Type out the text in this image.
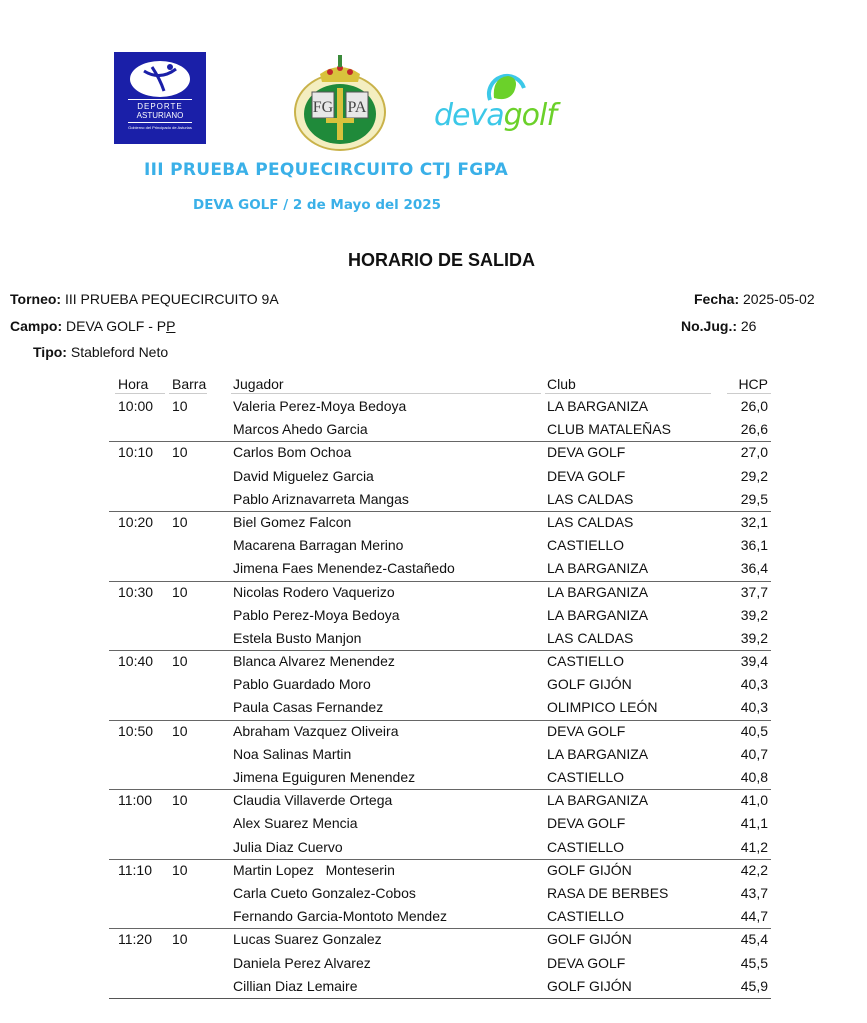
DEPORTE
ASTURIANO
Gobierno del Principado de Asturias
FG PA devagolf
III PRUEBA PEQUECIRCUITO CTJ FGPA
DEVA GOLF / 2 de Mayo del 2025
HORARIO DE SALIDA
Torneo: III PRUEBA PEQUECIRCUITO 9A
Campo: DEVA GOLF - PP
Tipo: Stableford Neto
Fecha: 2025-05-02
No.Jug.: 26
Hora Barra Jugador	Club	HCP
10:00 10	Valeria Perez-Moya Bedoya	LA BARGANIZA	26,0
Marcos Ahedo Garcia	CLUB MATALEÑAS	26,6
10:10 10	Carlos Bom Ochoa	DEVA GOLF	27,0
David Miguelez Garcia	DEVA GOLF	29,2
Pablo Ariznavarreta Mangas	LAS CALDAS	29,5
10:20 10	Biel Gomez Falcon	LAS CALDAS	32,1
Macarena Barragan Merino	CASTIELLO	36,1
Jimena Faes Menendez-Castañedo	LA BARGANIZA	36,4
10:30 10	Nicolas Rodero Vaquerizo	LA BARGANIZA	37,7
Pablo Perez-Moya Bedoya	LA BARGANIZA	39,2
Estela Busto Manjon	LAS CALDAS	39,2
10:40 10	Blanca Alvarez Menendez	CASTIELLO	39,4
Pablo Guardado Moro	GOLF GIJÓN	40,3
Paula Casas Fernandez	OLIMPICO LEÓN	40,3
10:50 10	Abraham Vazquez Oliveira	DEVA GOLF	40,5
Noa Salinas Martin	LA BARGANIZA	40,7
Jimena Eguiguren Menendez	CASTIELLO	40,8
11:00 10	Claudia Villaverde Ortega	LA BARGANIZA	41,0
Alex Suarez Mencia	DEVA GOLF	41,1
Julia Diaz Cuervo	CASTIELLO	41,2
11:10 10	Martin Lopez   Monteserin	GOLF GIJÓN	42,2
Carla Cueto Gonzalez-Cobos	RASA DE BERBES	43,7
Fernando Garcia-Montoto Mendez	CASTIELLO	44,7
11:20 10	Lucas Suarez Gonzalez	GOLF GIJÓN	45,4
Daniela Perez Alvarez	DEVA GOLF	45,5
Cillian Diaz Lemaire	GOLF GIJÓN	45,9
